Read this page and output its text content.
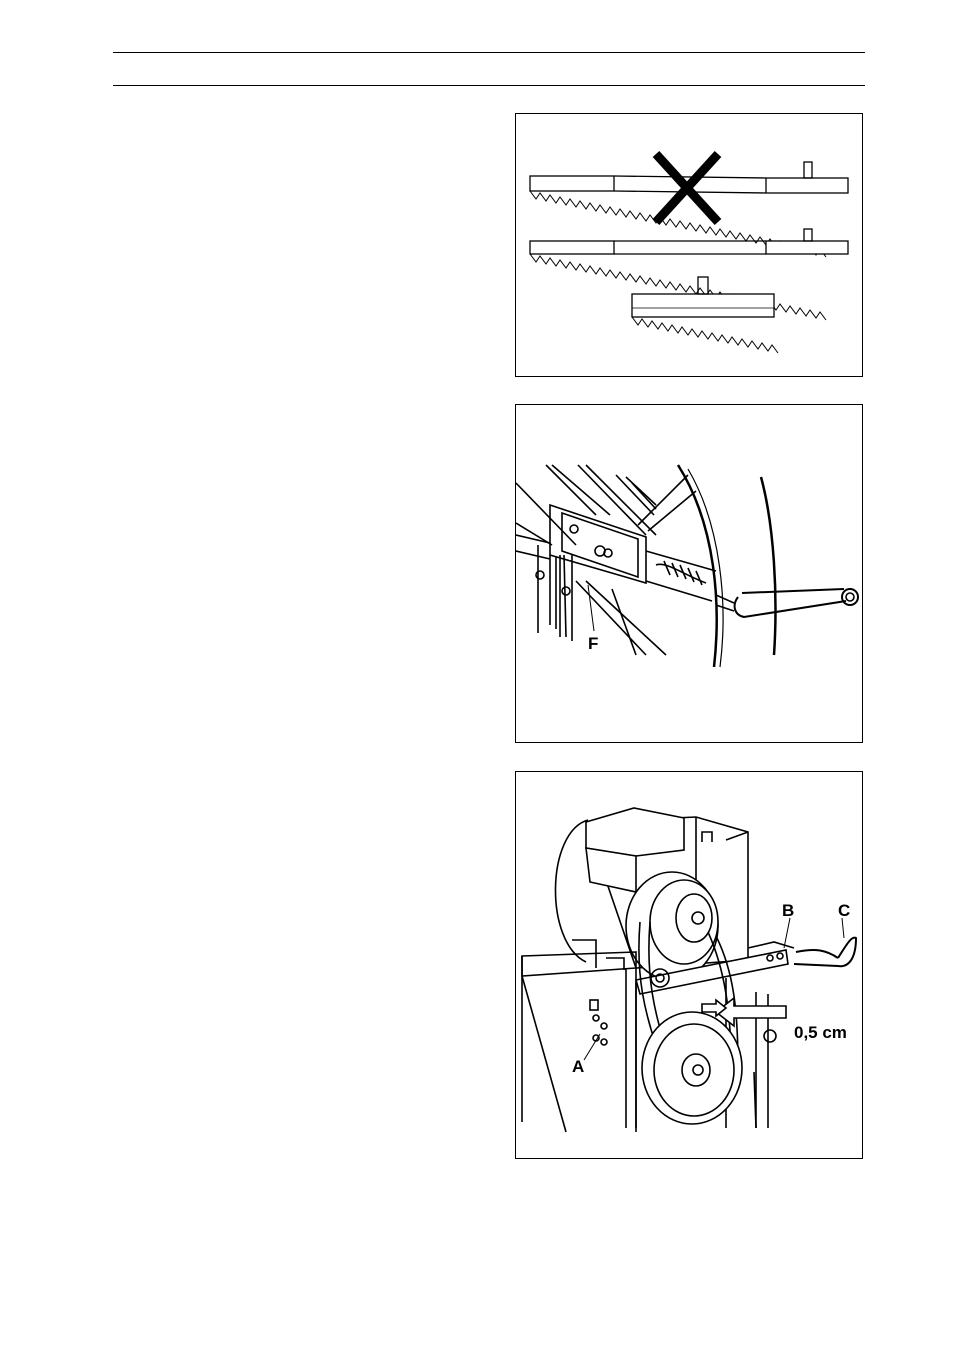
F
B	C
A
0,5 cm
